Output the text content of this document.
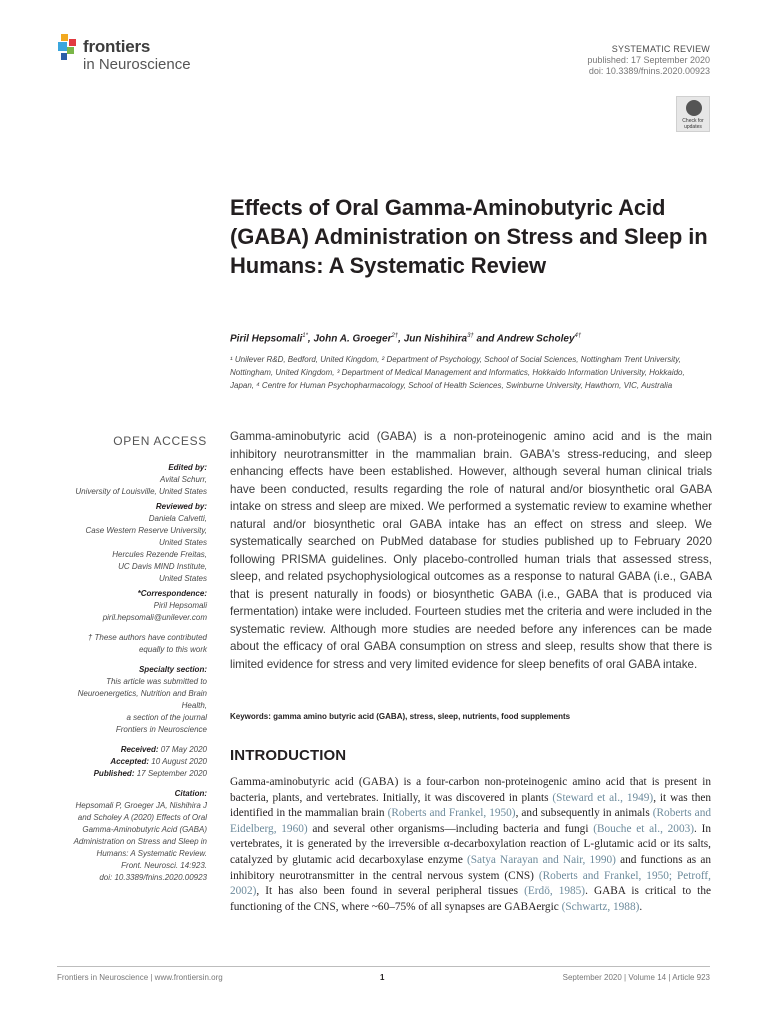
frontiers
in Neuroscience
SYSTEMATIC REVIEW
published: 17 September 2020
doi: 10.3389/fnins.2020.00923
Check for updates
Effects of Oral Gamma-Aminobutyric Acid (GABA) Administration on Stress and Sleep in Humans: A Systematic Review
Piril Hepsomali$^{1*}$, John A. Groeger$^{2\dagger}$, Jun Nishihira$^{3\dagger}$ and Andrew Scholey$^{4\dagger}$
¹ Unilever R&D, Bedford, United Kingdom, ² Department of Psychology, School of Social Sciences, Nottingham Trent University, Nottingham, United Kingdom, ³ Department of Medical Management and Informatics, Hokkaido Information University, Hokkaido, Japan, ⁴ Centre for Human Psychopharmacology, School of Health Sciences, Swinburne University, Hawthorn, VIC, Australia
OPEN ACCESS
Edited by:
Avital Schurr,
University of Louisville, United States
Reviewed by:
Daniela Calvetti,
Case Western Reserve University,
United States
Hercules Rezende Freitas,
UC Davis MIND Institute,
United States
*Correspondence:
Piril Hepsomali
piril.hepsomali@unilever.com
† These authors have contributed
equally to this work
Specialty section:
This article was submitted to
Neuroenergetics, Nutrition and Brain
Health,
a section of the journal
Frontiers in Neuroscience
Received: 07 May 2020
Accepted: 10 August 2020
Published: 17 September 2020
Citation:
Hepsomali P, Groeger JA, Nishihira J
and Scholey A (2020) Effects of Oral
Gamma-Aminobutyric Acid (GABA)
Administration on Stress and Sleep in
Humans: A Systematic Review.
Front. Neurosci. 14:923.
doi: 10.3389/fnins.2020.00923

Gamma-aminobutyric acid (GABA) is a non-proteinogenic amino acid and is the main inhibitory neurotransmitter in the mammalian brain. GABA's stress-reducing, and sleep enhancing effects have been established. However, although several human clinical trials have been conducted, results regarding the role of natural and/or biosynthetic oral GABA intake on stress and sleep are mixed. We performed a systematic review to examine whether natural and/or biosynthetic oral GABA intake has an effect on stress and sleep. We systematically searched on PubMed database for studies published up to February 2020 following PRISMA guidelines. Only placebo-controlled human trials that assessed stress, sleep, and related psychophysiological outcomes as a response to natural GABA (i.e., GABA that is present naturally in foods) or biosynthetic GABA (i.e., GABA that is produced via fermentation) intake were included. Fourteen studies met the criteria and were included in the systematic review. Although more studies are needed before any inferences can be made about the efficacy of oral GABA consumption on stress and sleep, results show that there is limited evidence for stress and very limited evidence for sleep benefits of oral GABA intake.

Keywords: gamma amino butyric acid (GABA), stress, sleep, nutrients, food supplements
INTRODUCTION

Gamma-aminobutyric acid (GABA) is a four-carbon non-proteinogenic amino acid that is present in bacteria, plants, and vertebrates. Initially, it was discovered in plants (Steward et al., 1949), it was then identified in the mammalian brain (Roberts and Frankel, 1950), and subsequently in animals (Roberts and Eidelberg, 1960) and several other organisms—including bacteria and fungi (Bouche et al., 2003). In vertebrates, it is generated by the irreversible α-decarboxylation reaction of L-glutamic acid or its salts, catalyzed by glutamic acid decarboxylase enzyme (Satya Narayan and Nair, 1990) and functions as an inhibitory neurotransmitter in the central nervous system (CNS) (Roberts and Frankel, 1950; Petroff, 2002), It has also been found in several peripheral tissues (Erdö, 1985). GABA is critical to the functioning of the CNS, where ~60–75% of all synapses are GABAergic (Schwartz, 1988).

Frontiers in Neuroscience | www.frontiersin.org	1	September 2020 | Volume 14 | Article 923
